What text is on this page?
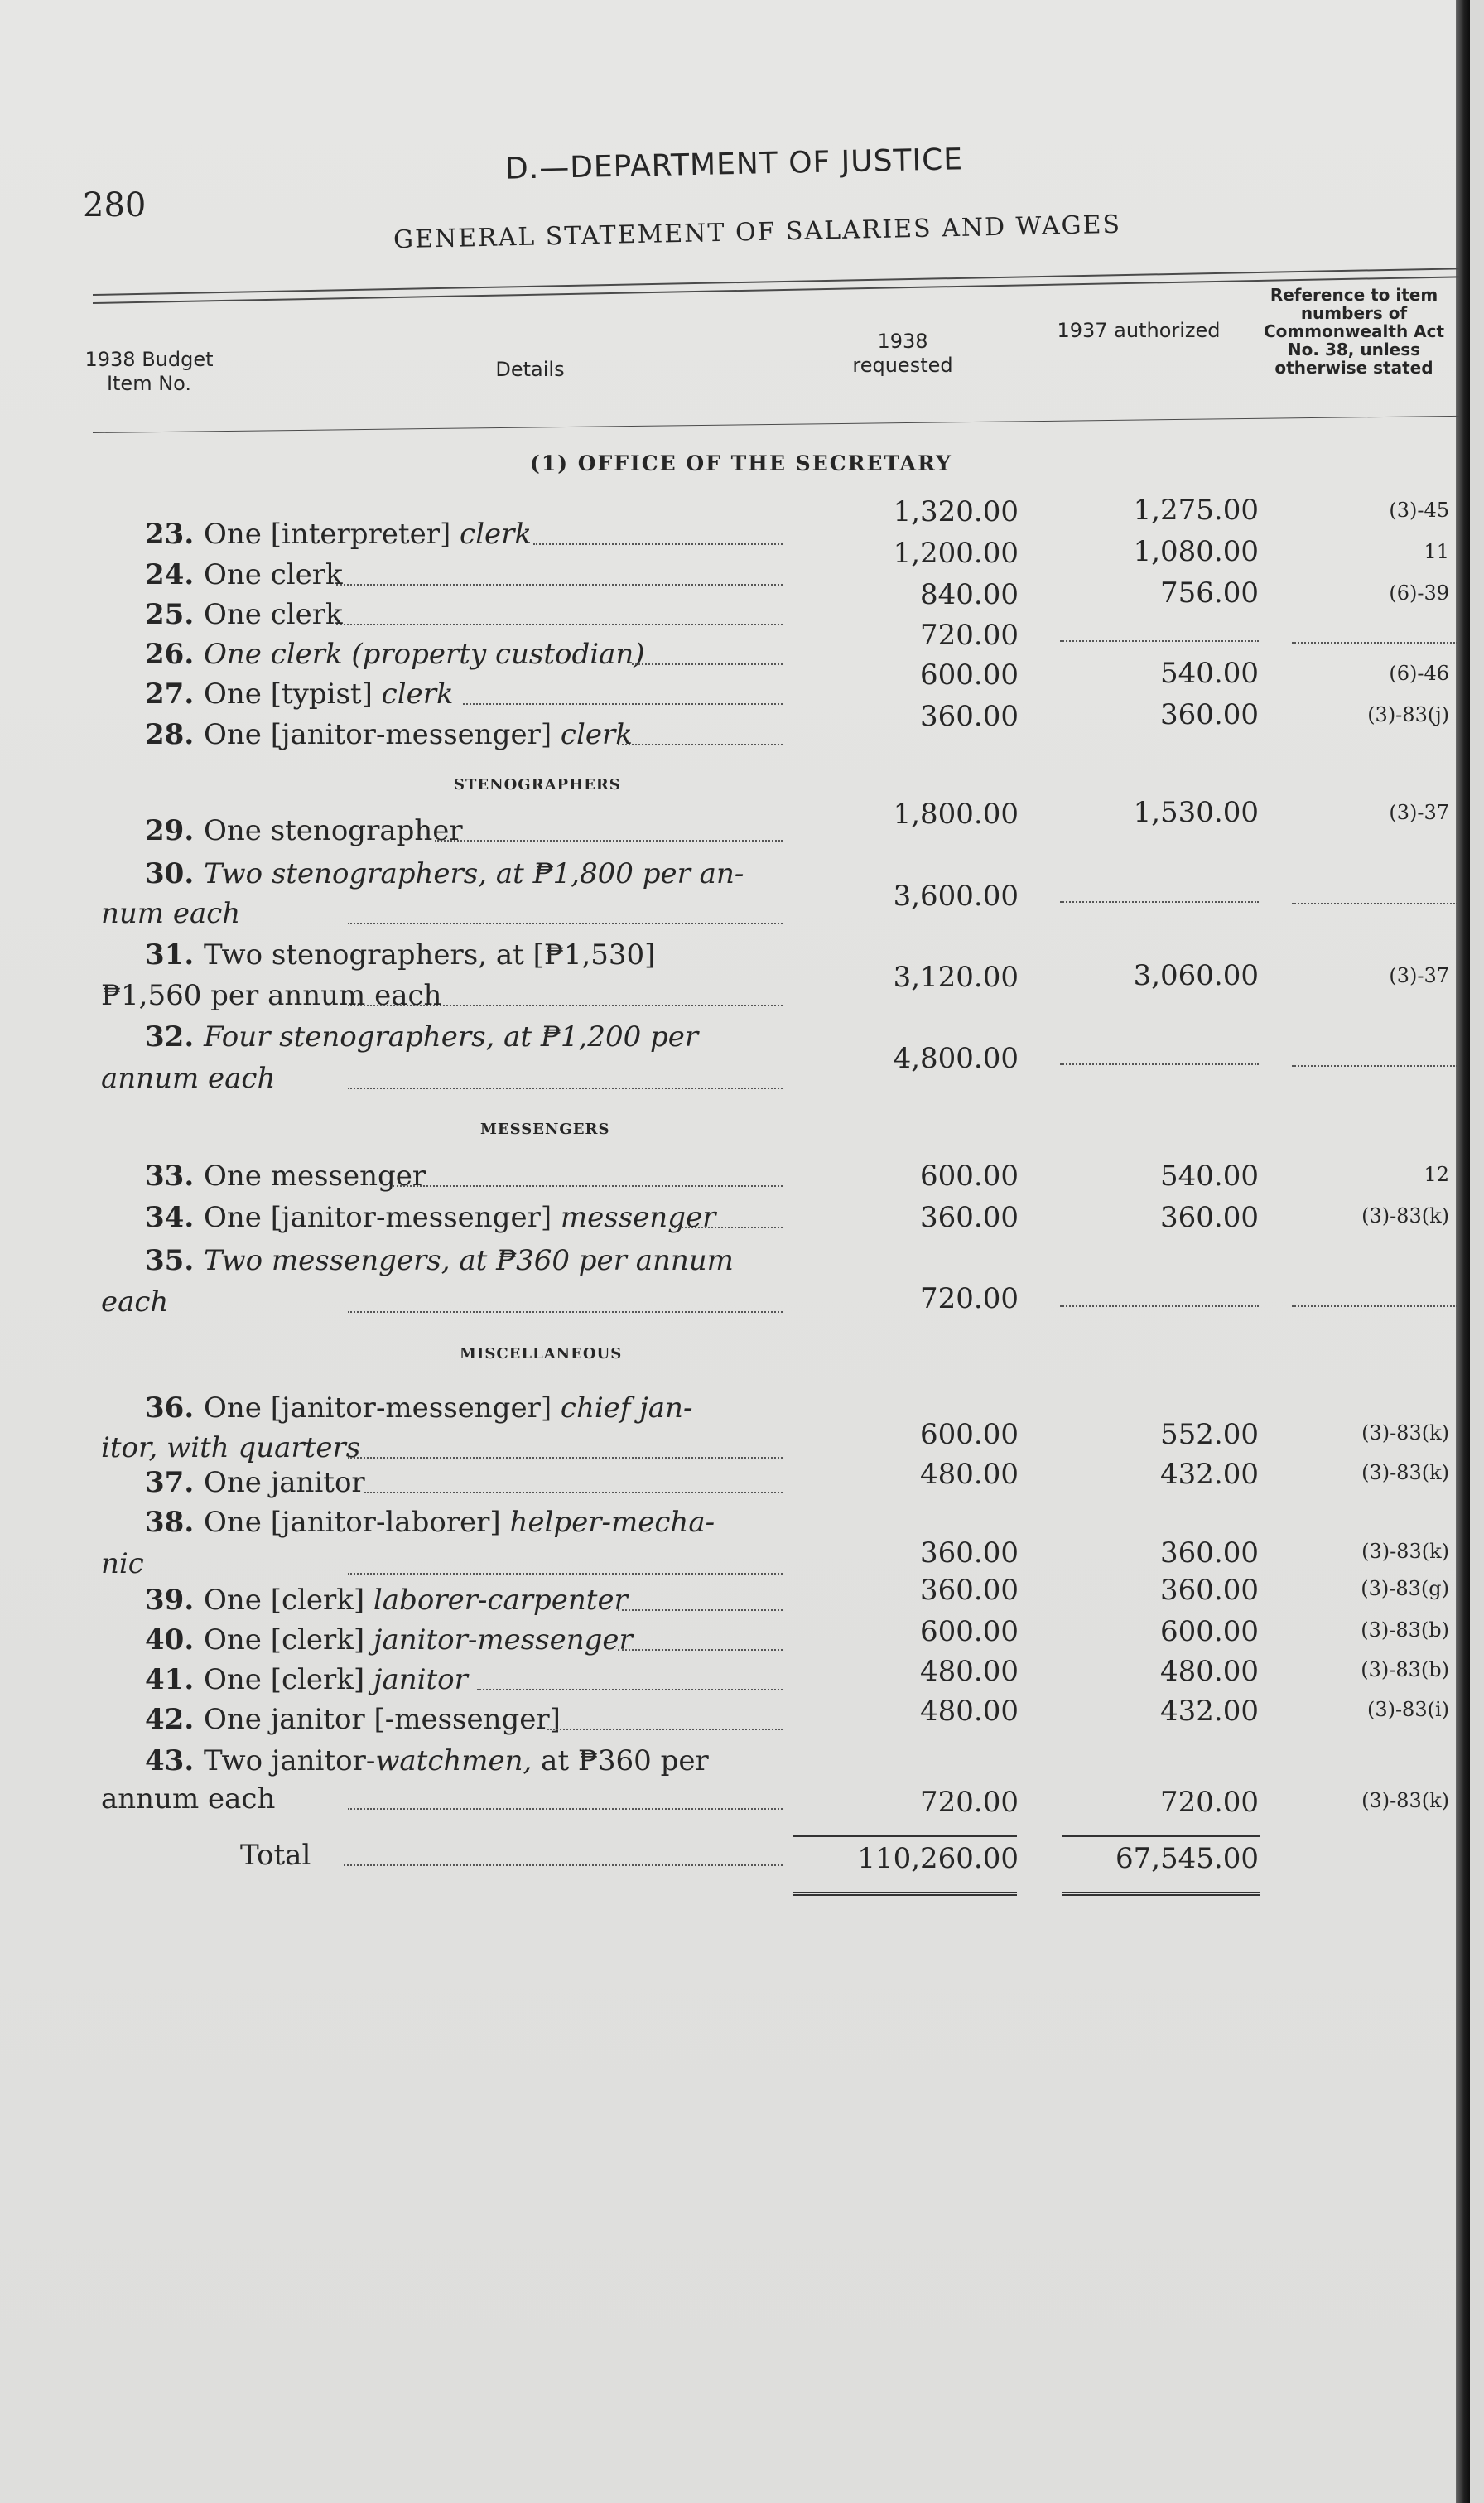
280
D.—DEPARTMENT OF JUSTICE
GENERAL STATEMENT OF SALARIES AND WAGES
1938 Budget Item No.
Details
1938 requested
1937 authorized
Reference to item numbers of Commonwealth Act No. 38, unless otherwise stated
(1) OFFICE OF THE SECRETARY
23. One [interpreter] clerk
1,320.00	1,275.00	(3)-45
24. One clerk
1,200.00	1,080.00	11
25. One clerk
840.00	756.00	(6)-39
26. One clerk (property custodian)
720.00
27. One [typist] clerk
600.00	540.00	(6)-46
28. One [janitor-messenger] clerk
360.00	360.00	(3)-83(j)
29. One stenographer	1,800.00	1,530.00	(3)-37
30. Two stenographers, at ₱1,800 per an-
num each
3,600.00
31. Two stenographers, at [₱1,530]
₱1,560 per annum each
3,120.00	3,060.00	(3)-37
32. Four stenographers, at ₱1,200 per
annum each
4,800.00
33. One messenger	600.00	540.00	12
34. One [janitor-messenger] messenger	360.00	360.00	(3)-83(k)
35. Two messengers, at ₱360 per annum
each	720.00
36. One [janitor-messenger] chief jan-
itor, with quarters	600.00	552.00	(3)-83(k)
37. One janitor	480.00	432.00	(3)-83(k)
38. One [janitor-laborer] helper-mecha-
nic	360.00	360.00	(3)-83(k)
39. One [clerk] laborer-carpenter	360.00	360.00	(3)-83(g)
40. One [clerk] janitor-messenger	600.00	600.00	(3)-83(b)
41. One [clerk] janitor	480.00	480.00	(3)-83(b)
42. One janitor [-messenger]	480.00	432.00	(3)-83(i)
43. Two janitor-watchmen, at ₱360 per
annum each	720.00	720.00	(3)-83(k)
STENOGRAPHERS
MESSENGERS
MISCELLANEOUS
Total	110,260.00	67,545.00
